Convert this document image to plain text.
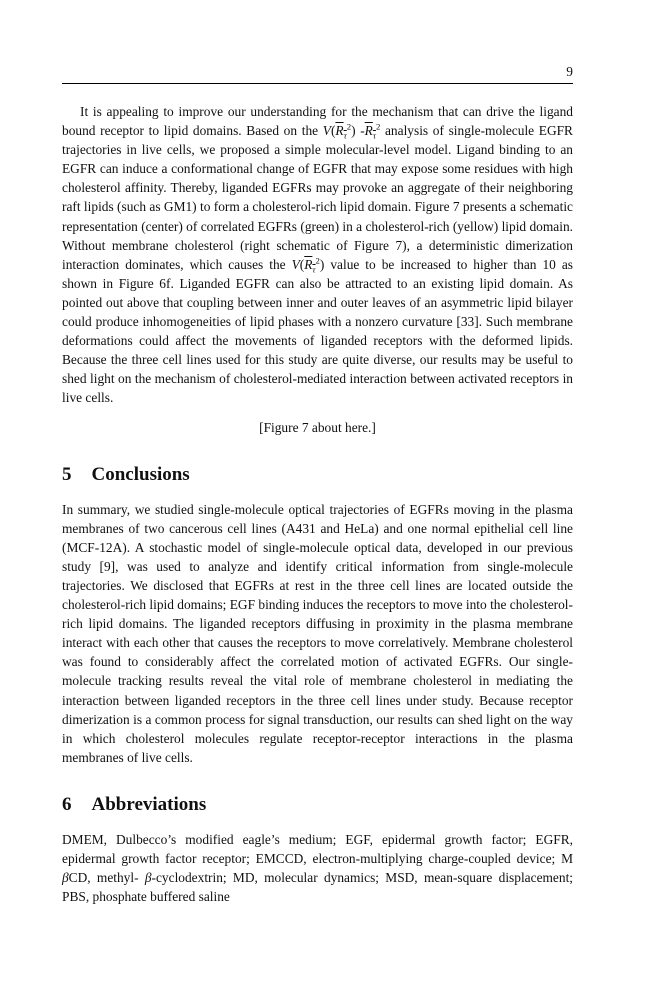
9

It is appealing to improve our understanding for the mechanism that can drive the ligand bound receptor to lipid domains. Based on the $V(R_\tau^2)$ $-R_\tau^2$ analysis of single-molecule EGFR trajectories in live cells, we proposed a simple molecular-level model. Ligand binding to an EGFR can induce a conformational change of EGFR that may expose some residues with high cholesterol affinity. Thereby, liganded EGFRs may provoke an aggregate of their neighboring raft lipids (such as GM1) to form a cholesterol-rich lipid domain. Figure 7 presents a schematic representation (center) of correlated EGFRs (green) in a cholesterol-rich (yellow) lipid domain. Without membrane cholesterol (right schematic of Figure 7), a deterministic dimerization interaction dominates, which causes the $V(R_\tau^2)$ value to be increased to higher than 10 as shown in Figure 6f. Liganded EGFR can also be attracted to an existing lipid domain. As pointed out above that coupling between inner and outer leaves of an asymmetric lipid bilayer could produce inhomogeneities of lipid phases with a nonzero curvature [33]. Such membrane deformations could affect the movements of liganded receptors with the deformed lipids. Because the three cell lines used for this study are quite diverse, our results may be useful to shed light on the mechanism of cholesterol-mediated interaction between activated receptors in live cells.

[Figure 7 about here.]

5 Conclusions

In summary, we studied single-molecule optical trajectories of EGFRs moving in the plasma membranes of two cancerous cell lines (A431 and HeLa) and one normal epithelial cell line (MCF-12A). A stochastic model of single-molecule optical data, developed in our previous study [9], was used to analyze and identify critical information from single-molecule trajectories. We disclosed that EGFRs at rest in the three cell lines are located outside the cholesterol-rich lipid domains; EGF binding induces the receptors to move into the cholesterol-rich lipid domains. The liganded receptors diffusing in proximity in the plasma membrane interact with each other that causes the receptors to move correlatively. Membrane cholesterol was found to considerably affect the correlated motion of activated EGFRs. Our single-molecule tracking results reveal the vital role of membrane cholesterol in mediating the interaction between liganded receptors in the three cell lines under study. Because receptor dimerization is a common process for signal transduction, our results can shed light on the way in which cholesterol molecules regulate receptor-receptor interactions in the plasma membranes of live cells.

6 Abbreviations

DMEM, Dulbecco’s modified eagle’s medium; EGF, epidermal growth factor; EGFR, epidermal growth factor receptor; EMCCD, electron-multiplying charge-coupled device; M βCD, methyl- β-cyclodextrin; MD, molecular dynamics; MSD, mean-square displacement; PBS, phosphate buffered saline
